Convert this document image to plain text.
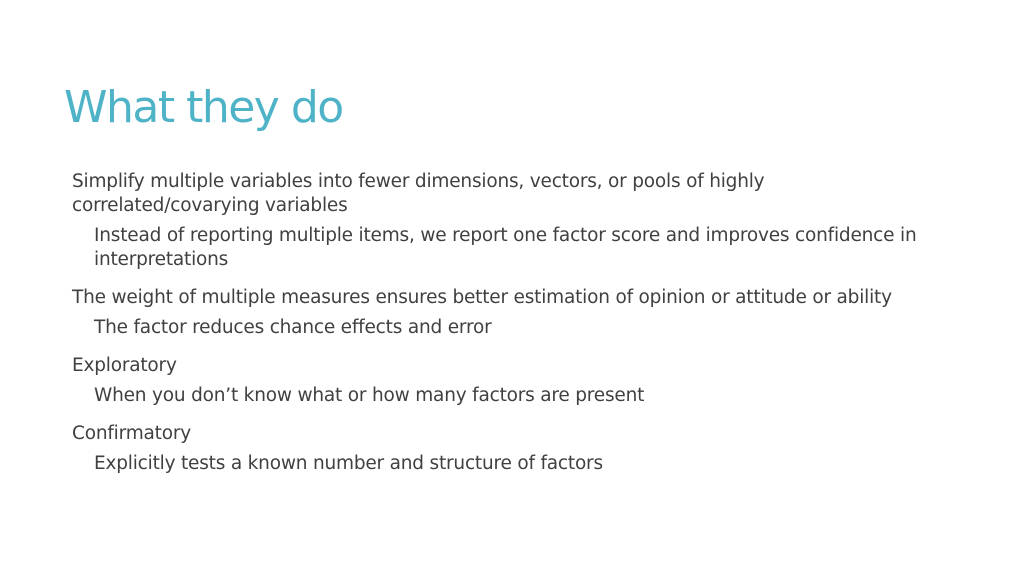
What they do

Simplify multiple variables into fewer dimensions, vectors, or pools of highly correlated/covarying variables

Instead of reporting multiple items, we report one factor score and improves confidence in interpretations

The weight of multiple measures ensures better estimation of opinion or attitude or ability

The factor reduces chance effects and error

Exploratory

When you don’t know what or how many factors are present

Confirmatory

Explicitly tests a known number and structure of factors
